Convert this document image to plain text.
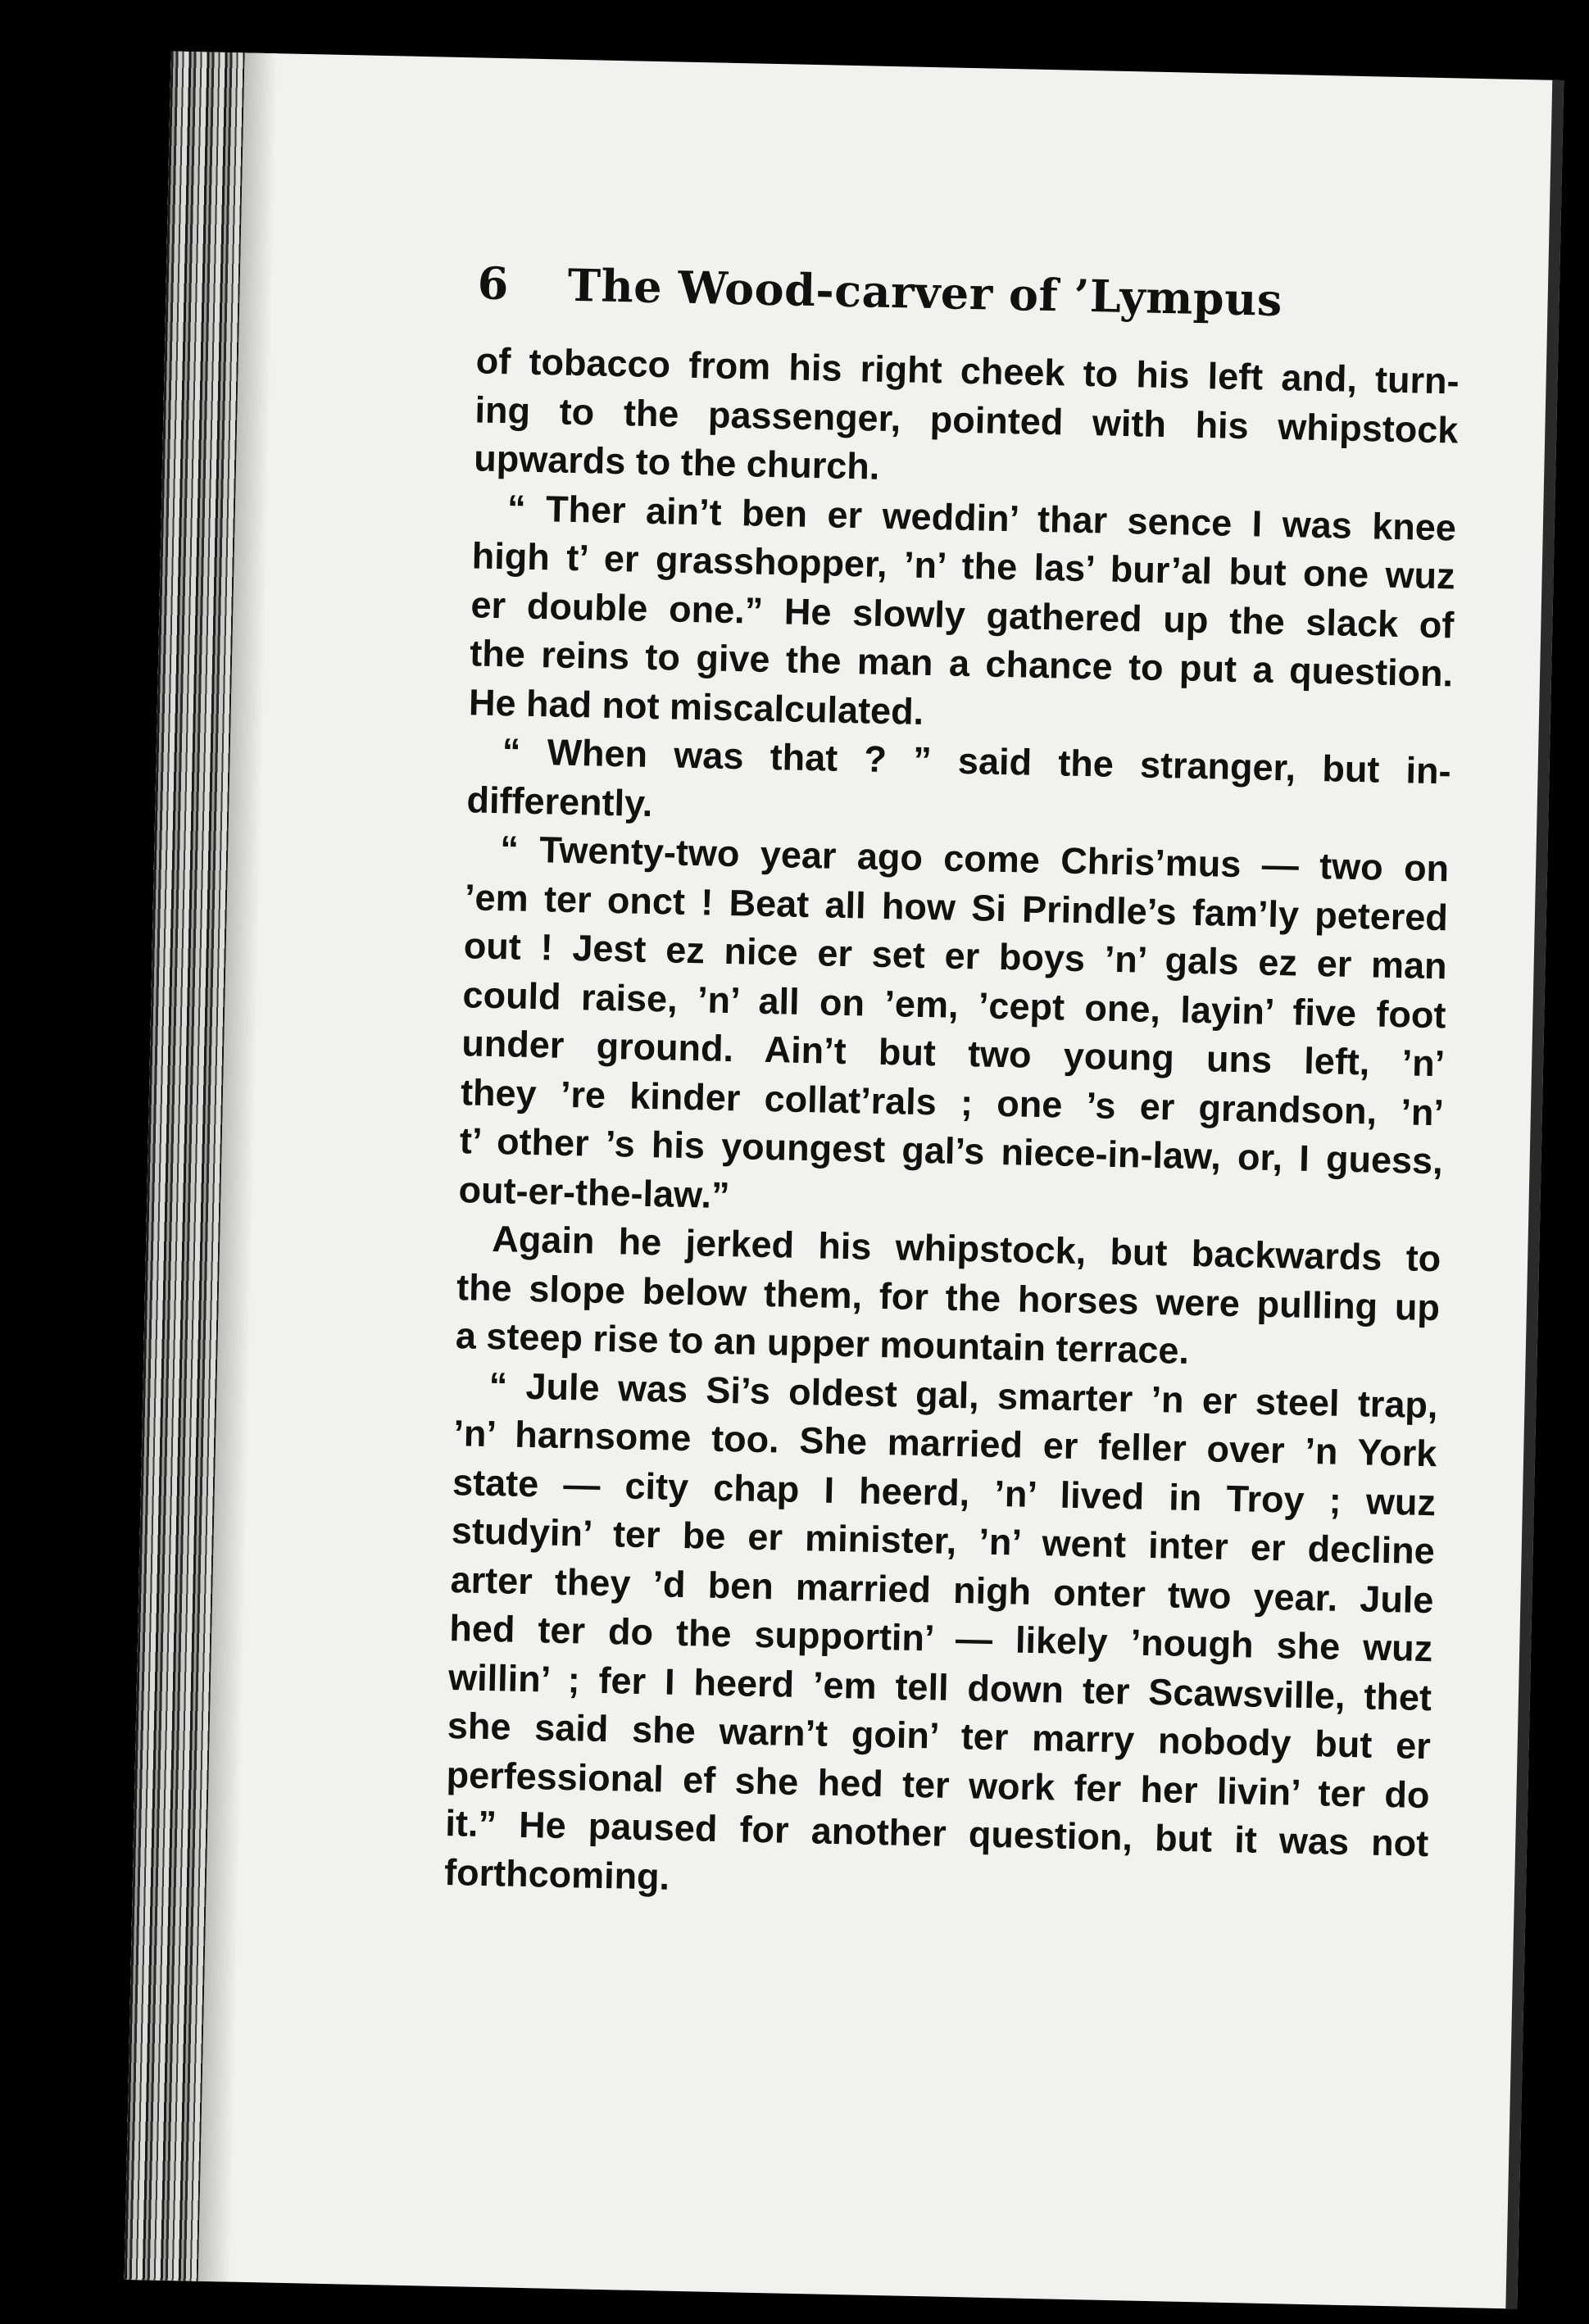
6	The Wood-carver of ’Lympus
of tobacco from his right cheek to his left and, turn-
ing to the passenger, pointed with his whipstock
upwards to the church.
“ Ther ain’t ben er weddin’ thar sence I was knee
high t’ er grasshopper, ’n’ the las’ bur’al but one wuz
er double one.” He slowly gathered up the slack of
the reins to give the man a chance to put a question.
He had not miscalculated.
“ When was that ? ” said the stranger, but in-
differently.
“ Twenty-two year ago come Chris’mus — two on
’em ter onct ! Beat all how Si Prindle’s fam’ly petered
out ! Jest ez nice er set er boys ’n’ gals ez er man
could raise, ’n’ all on ’em, ’cept one, layin’ five foot
under ground. Ain’t but two young uns left, ’n’
they ’re kinder collat’rals ; one ’s er grandson, ’n’
t’ other ’s his youngest gal’s niece-in-law, or, I guess,
out-er-the-law.”
Again he jerked his whipstock, but backwards to
the slope below them, for the horses were pulling up
a steep rise to an upper mountain terrace.
“ Jule was Si’s oldest gal, smarter ’n er steel trap,
’n’ harnsome too. She married er feller over ’n York
state — city chap I heerd, ’n’ lived in Troy ; wuz
studyin’ ter be er minister, ’n’ went inter er decline
arter they ’d ben married nigh onter two year. Jule
hed ter do the supportin’ — likely ’nough she wuz
willin’ ; fer I heerd ’em tell down ter Scawsville, thet
she said she warn’t goin’ ter marry nobody but er
perfessional ef she hed ter work fer her livin’ ter do
it.” He paused for another question, but it was not
forthcoming.
